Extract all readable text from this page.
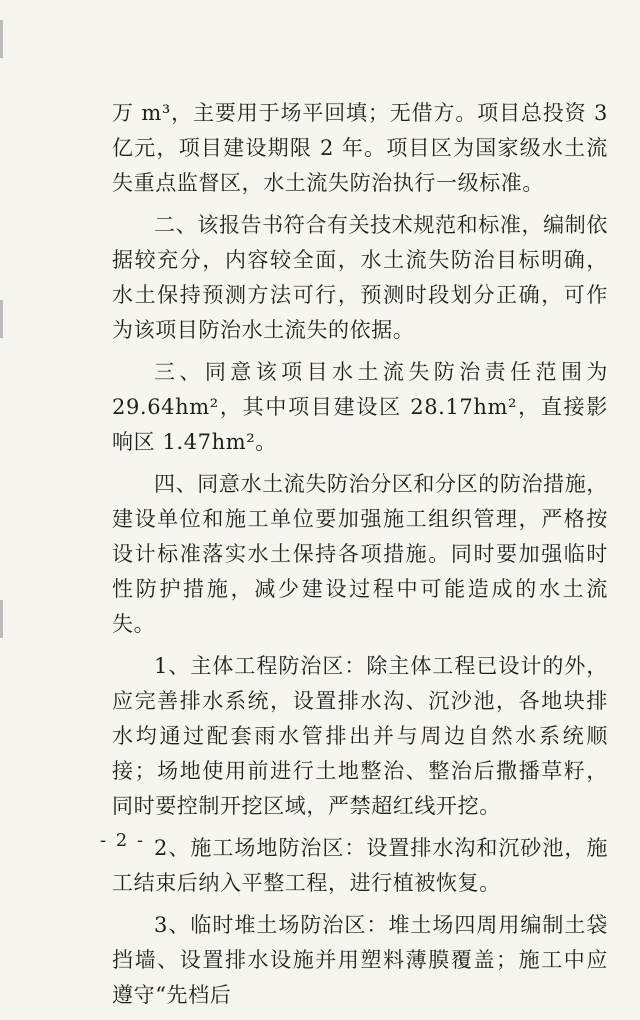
万 m³，主要用于场平回填；无借方。项目总投资 3 亿元，项目建设期限 2 年。项目区为国家级水土流失重点监督区，水土流失防治执行一级标准。

二、该报告书符合有关技术规范和标准，编制依据较充分，内容较全面，水土流失防治目标明确，水土保持预测方法可行，预测时段划分正确，可作为该项目防治水土流失的依据。

三、同意该项目水土流失防治责任范围为 29.64hm²，其中项目建设区 28.17hm²，直接影响区 1.47hm²。

四、同意水土流失防治分区和分区的防治措施，建设单位和施工单位要加强施工组织管理，严格按设计标准落实水土保持各项措施。同时要加强临时性防护措施，减少建设过程中可能造成的水土流失。

1、主体工程防治区：除主体工程已设计的外，应完善排水系统，设置排水沟、沉沙池，各地块排水均通过配套雨水管排出并与周边自然水系统顺接；场地使用前进行土地整治、整治后撒播草籽，同时要控制开挖区域，严禁超红线开挖。

2、施工场地防治区：设置排水沟和沉砂池，施工结束后纳入平整工程，进行植被恢复。

3、临时堆土场防治区：堆土场四周用编制土袋挡墙、设置排水设施并用塑料薄膜覆盖；施工中应遵守“先档后

- 2 -
